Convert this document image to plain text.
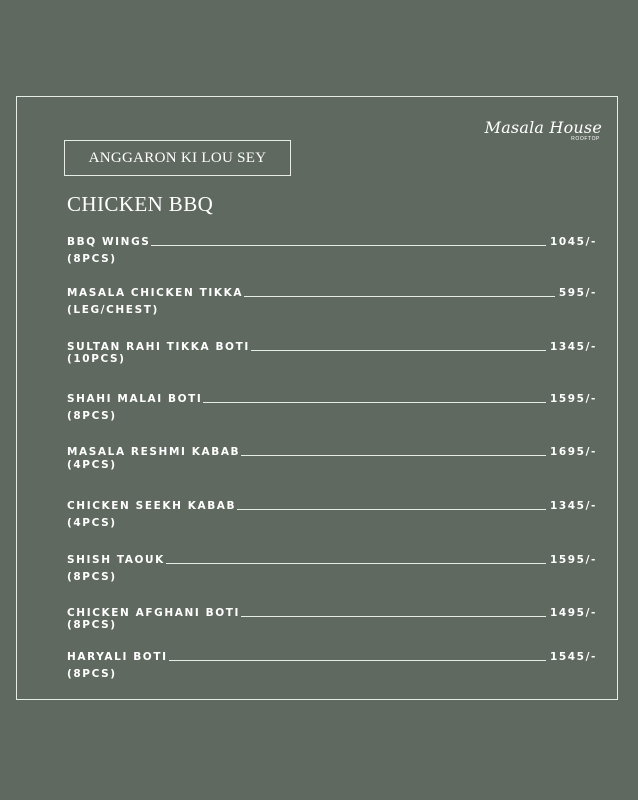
Masala House
ROOFTOP
ANGGARON KI LOU SEY
CHICKEN BBQ
BBQ WINGS	1045/-
(8PCS)
MASALA CHICKEN TIKKA	595/-
(LEG/CHEST)
SULTAN RAHI TIKKA BOTI	1345/-
(10PCS)
SHAHI MALAI BOTI	1595/-
(8PCS)
MASALA RESHMI KABAB	1695/-
(4PCS)
CHICKEN SEEKH KABAB	1345/-
(4PCS)
SHISH TAOUK	1595/-
(8PCS)
CHICKEN AFGHANI BOTI	1495/-
(8PCS)
HARYALI BOTI	1545/-
(8PCS)
